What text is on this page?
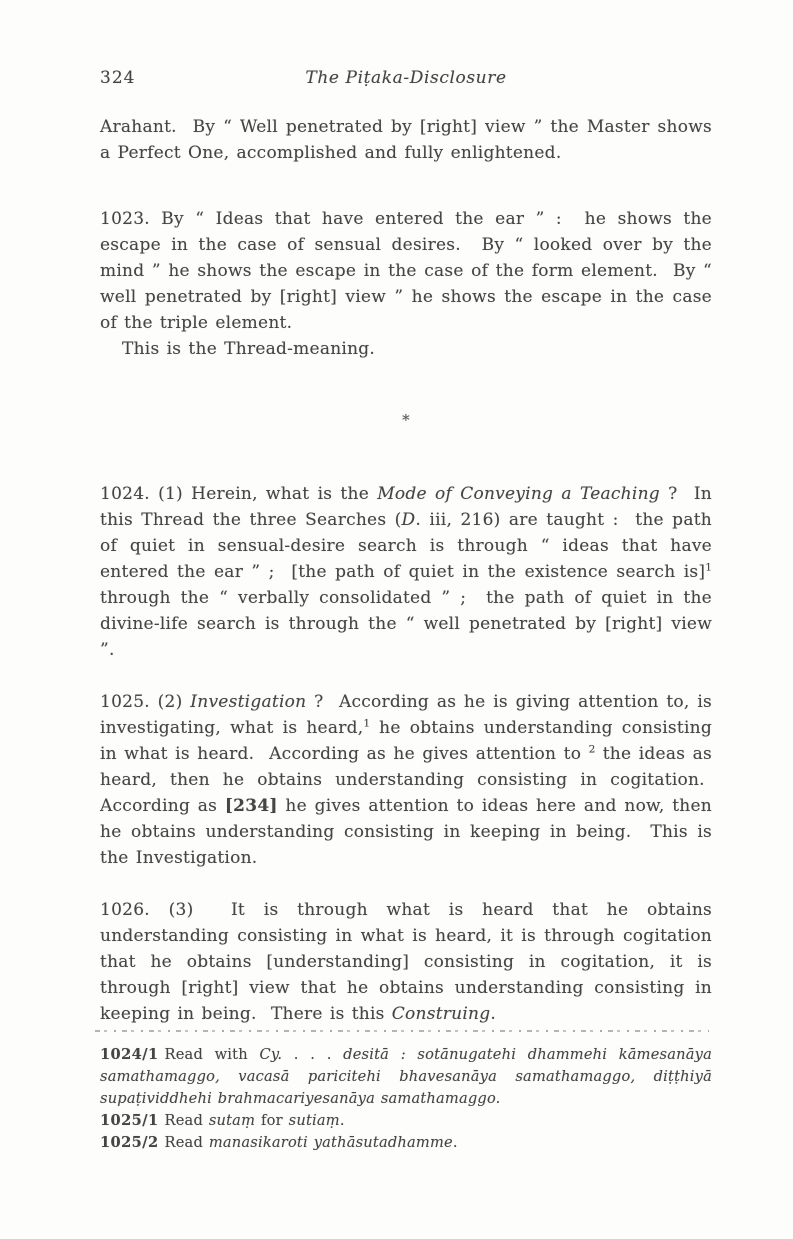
324	The Piṭaka-Disclosure

Arahant.  By “ Well penetrated by [right] view ” the Master shows a Perfect One, accomplished and fully enlightened.

1023. By “ Ideas that have entered the ear ” :  he shows the escape in the case of sensual desires.  By “ looked over by the mind ” he shows the escape in the case of the form element.  By “ well penetrated by [right] view ” he shows the escape in the case of the triple element.

This is the Thread-meaning.

*

1024. (1) Herein, what is the Mode of Conveying a Teaching ?  In this Thread the three Searches (D. iii, 216) are taught :  the path of quiet in sensual-desire search is through “ ideas that have entered the ear ” ;  [the path of quiet in the existence search is]$^1$ through the “ verbally consolidated ” ;  the path of quiet in the divine-life search is through the “ well penetrated by [right] view ”.

1025. (2) Investigation ?  According as he is giving attention to, is investigating, what is heard,$^1$ he obtains understanding consisting in what is heard.  According as he gives attention to $^2$ the ideas as heard, then he obtains understanding consisting in cogitation.  According as [234] he gives attention to ideas here and now, then he obtains understanding consisting in keeping in being.  This is the Investigation.

1026. (3)  It is through what is heard that he obtains understanding consisting in what is heard, it is through cogitation that he obtains [understanding] consisting in cogitation, it is through [right] view that he obtains understanding consisting in keeping in being.  There is this Construing.

1024/1 Read with Cy. . . . desitā : sotānugatehi dhammehi kāmesanāya samathamaggo, vacasā paricitehi bhavesanāya samathamaggo, diṭṭhiyā supaṭividdhehi brahmacariyesanāya samathamaggo.

1025/1 Read sutaṃ for sutiaṃ.

1025/2 Read manasikaroti yathāsutadhamme.
